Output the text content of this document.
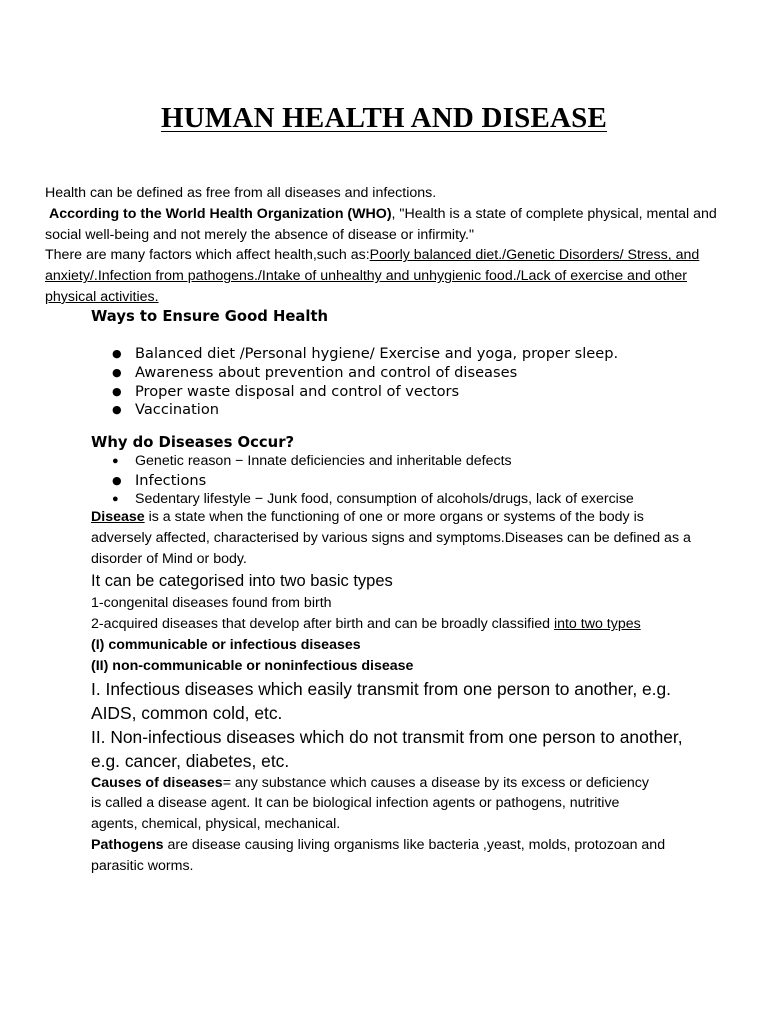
HUMAN HEALTH AND DISEASE

Health can be defined as free from all diseases and infections.

According to the World Health Organization (WHO), "Health is a state of complete physical, mental and social well-being and not merely the absence of disease or infirmity."

There are many factors which affect health,such as:Poorly balanced diet./Genetic Disorders/ Stress, and anxiety/.Infection from pathogens./Intake of unhealthy and unhygienic food./Lack of exercise and other physical activities.

Ways to Ensure Good Health
● Balanced diet /Personal hygiene/ Exercise and yoga, proper sleep.
● Awareness about prevention and control of diseases
● Proper waste disposal and control of vectors
● Vaccination
Why do Diseases Occur?
● Genetic reason − Innate deficiencies and inheritable defects
● Infections
● Sedentary lifestyle − Junk food, consumption of alcohols/drugs, lack of exercise

Disease is a state when the functioning of one or more organs or systems of the body is adversely affected, characterised by various signs and symptoms.Diseases can be defined as a disorder of Mind or body.

It can be categorised into two basic types

1-congenital diseases found from birth

2-acquired diseases that develop after birth and can be broadly classified into two types

(I) communicable or infectious diseases

(II) non-communicable or noninfectious disease

I. Infectious diseases which easily transmit from one person to another, e.g. AIDS, common cold, etc.

II. Non-infectious diseases which do not transmit from one person to another, e.g. cancer, diabetes, etc.

Causes of diseases= any substance which causes a disease by its excess or deficiency is called a disease agent. It can be biological infection agents or pathogens, nutritive agents, chemical, physical, mechanical.

Pathogens are disease causing living organisms like bacteria ,yeast, molds, protozoan and parasitic worms.
